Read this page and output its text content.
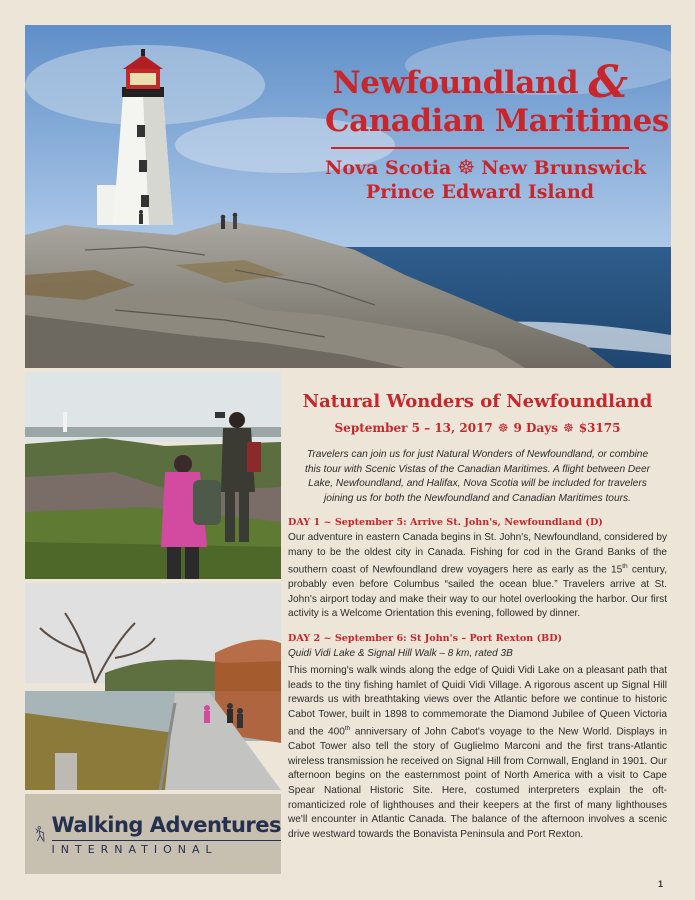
Newfoundland &
Canadian Maritimes
Nova Scotia ☸ New Brunswick
Prince Edward Island
Walking Adventures
INTERNATIONAL
Natural Wonders of Newfoundland
September 5 – 13, 2017 ☸ 9 Days ☸ $3175

Travelers can join us for just Natural Wonders of Newfoundland, or combine this tour with Scenic Vistas of the Canadian Maritimes. A flight between Deer Lake, Newfoundland, and Halifax, Nova Scotia will be included for travelers joining us for both the Newfoundland and Canadian Maritimes tours.

DAY 1 ~ September 5: Arrive St. John's, Newfoundland (D)

Our adventure in eastern Canada begins in St. John's, Newfoundland, considered by many to be the oldest city in Canada. Fishing for cod in the Grand Banks of the southern coast of Newfoundland drew voyagers here as early as the 15th century, probably even before Columbus “sailed the ocean blue.” Travelers arrive at St. John's airport today and make their way to our hotel overlooking the harbor. Our first activity is a Welcome Orientation this evening, followed by dinner.

DAY 2 ~ September 6: St John's – Port Rexton (BD)
Quidi Vidi Lake & Signal Hill Walk – 8 km, rated 3B

This morning's walk winds along the edge of Quidi Vidi Lake on a pleasant path that leads to the tiny fishing hamlet of Quidi Vidi Village. A rigorous ascent up Signal Hill rewards us with breathtaking views over the Atlantic before we continue to historic Cabot Tower, built in 1898 to commemorate the Diamond Jubilee of Queen Victoria and the 400th anniversary of John Cabot's voyage to the New World. Displays in Cabot Tower also tell the story of Guglielmo Marconi and the first trans-Atlantic wireless transmission he received on Signal Hill from Cornwall, England in 1901. Our afternoon begins on the easternmost point of North America with a visit to Cape Spear National Historic Site. Here, costumed interpreters explain the oft-romanticized role of lighthouses and their keepers at the first of many lighthouses we'll encounter in Atlantic Canada. The balance of the afternoon involves a scenic drive westward towards the Bonavista Peninsula and Port Rexton.

1
